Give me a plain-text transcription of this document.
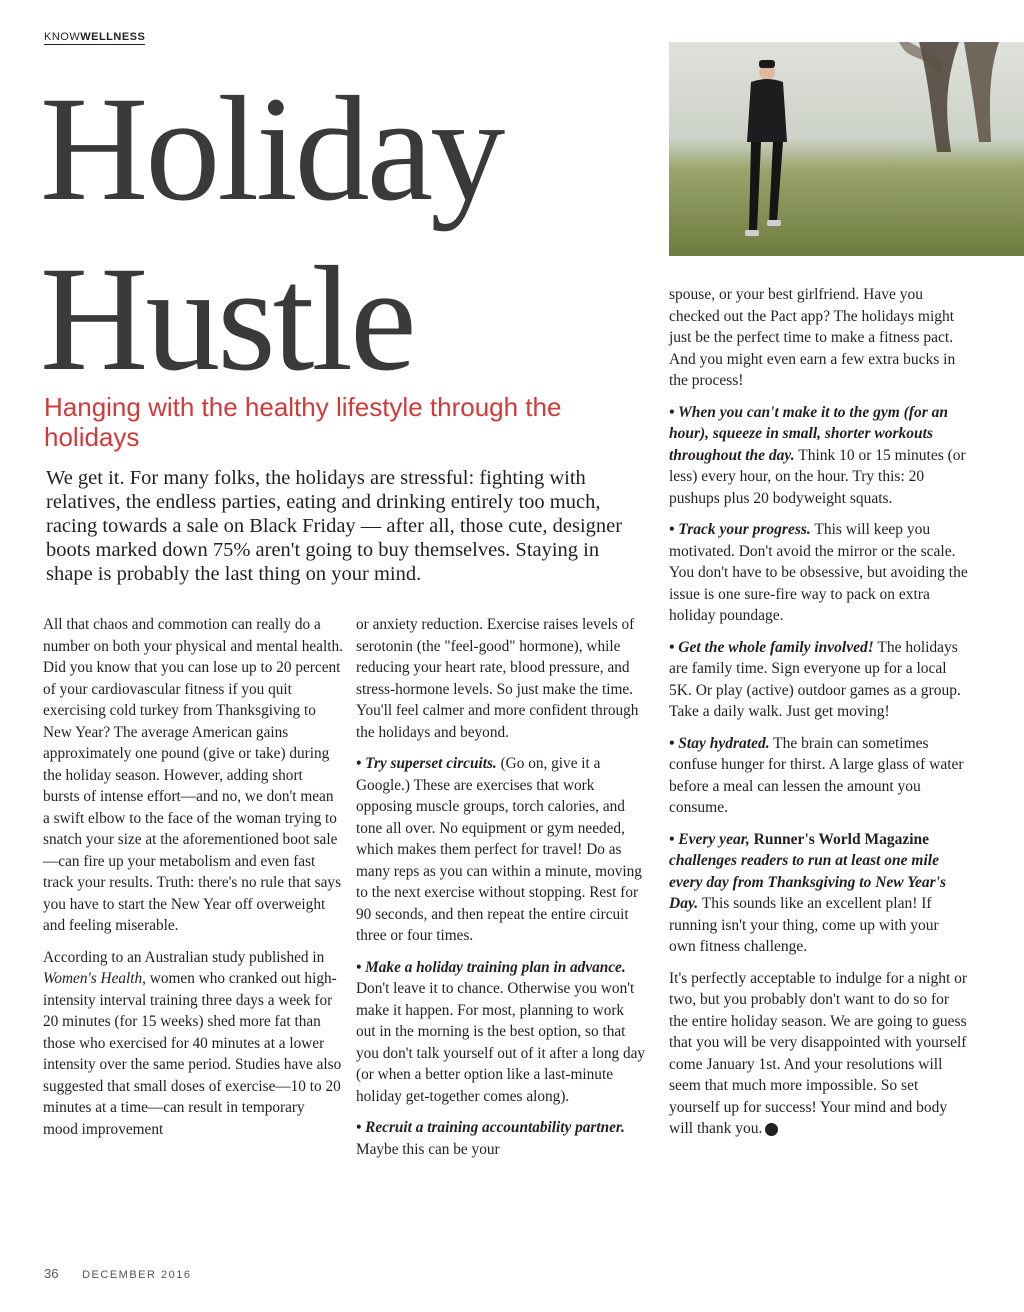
KNOWWELLNESS
Holiday
Hustle
Hanging with the healthy lifestyle through the holidays
We get it. For many folks, the holidays are stressful: fighting with relatives, the endless parties, eating and drinking entirely too much, racing towards a sale on Black Friday — after all, those cute, designer boots marked down 75% aren't going to buy themselves. Staying in shape is probably the last thing on your mind.

All that chaos and commotion can really do a number on both your physical and mental health. Did you know that you can lose up to 20 percent of your cardiovascular fitness if you quit exercising cold turkey from Thanksgiving to New Year? The average American gains approximately one pound (give or take) during the holiday season. However, adding short bursts of intense effort—and no, we don't mean a swift elbow to the face of the woman trying to snatch your size at the aforementioned boot sale—can fire up your metabolism and even fast track your results. Truth: there's no rule that says you have to start the New Year off overweight and feeling miserable.

According to an Australian study published in Women's Health, women who cranked out high-intensity interval training three days a week for 20 minutes (for 15 weeks) shed more fat than those who exercised for 40 minutes at a lower intensity over the same period. Studies have also suggested that small doses of exercise—10 to 20 minutes at a time—can result in temporary mood improvement

or anxiety reduction. Exercise raises levels of serotonin (the "feel-good" hormone), while reducing your heart rate, blood pressure, and stress-hormone levels. So just make the time. You'll feel calmer and more confident through the holidays and beyond.

• Try superset circuits. (Go on, give it a Google.) These are exercises that work opposing muscle groups, torch calories, and tone all over. No equipment or gym needed, which makes them perfect for travel! Do as many reps as you can within a minute, moving to the next exercise without stopping. Rest for 90 seconds, and then repeat the entire circuit three or four times.

• Make a holiday training plan in advance. Don't leave it to chance. Otherwise you won't make it happen. For most, planning to work out in the morning is the best option, so that you don't talk yourself out of it after a long day (or when a better option like a last-minute holiday get-together comes along).

• Recruit a training accountability partner. Maybe this can be your

spouse, or your best girlfriend. Have you checked out the Pact app? The holidays might just be the perfect time to make a fitness pact. And you might even earn a few extra bucks in the process!

• When you can't make it to the gym (for an hour), squeeze in small, shorter workouts throughout the day. Think 10 or 15 minutes (or less) every hour, on the hour. Try this: 20 pushups plus 20 bodyweight squats.

• Track your progress. This will keep you motivated. Don't avoid the mirror or the scale. You don't have to be obsessive, but avoiding the issue is one sure-fire way to pack on extra holiday poundage.

• Get the whole family involved! The holidays are family time. Sign everyone up for a local 5K. Or play (active) outdoor games as a group. Take a daily walk. Just get moving!

• Stay hydrated. The brain can sometimes confuse hunger for thirst. A large glass of water before a meal can lessen the amount you consume.

• Every year, Runner's World Magazine challenges readers to run at least one mile every day from Thanksgiving to New Year's Day. This sounds like an excellent plan! If running isn't your thing, come up with your own fitness challenge.

It's perfectly acceptable to indulge for a night or two, but you probably don't want to do so for the entire holiday season. We are going to guess that you will be very disappointed with yourself come January 1st. And your resolutions will seem that much more impossible. So set yourself up for success! Your mind and body will thank you.

36 DECEMBER 2016
